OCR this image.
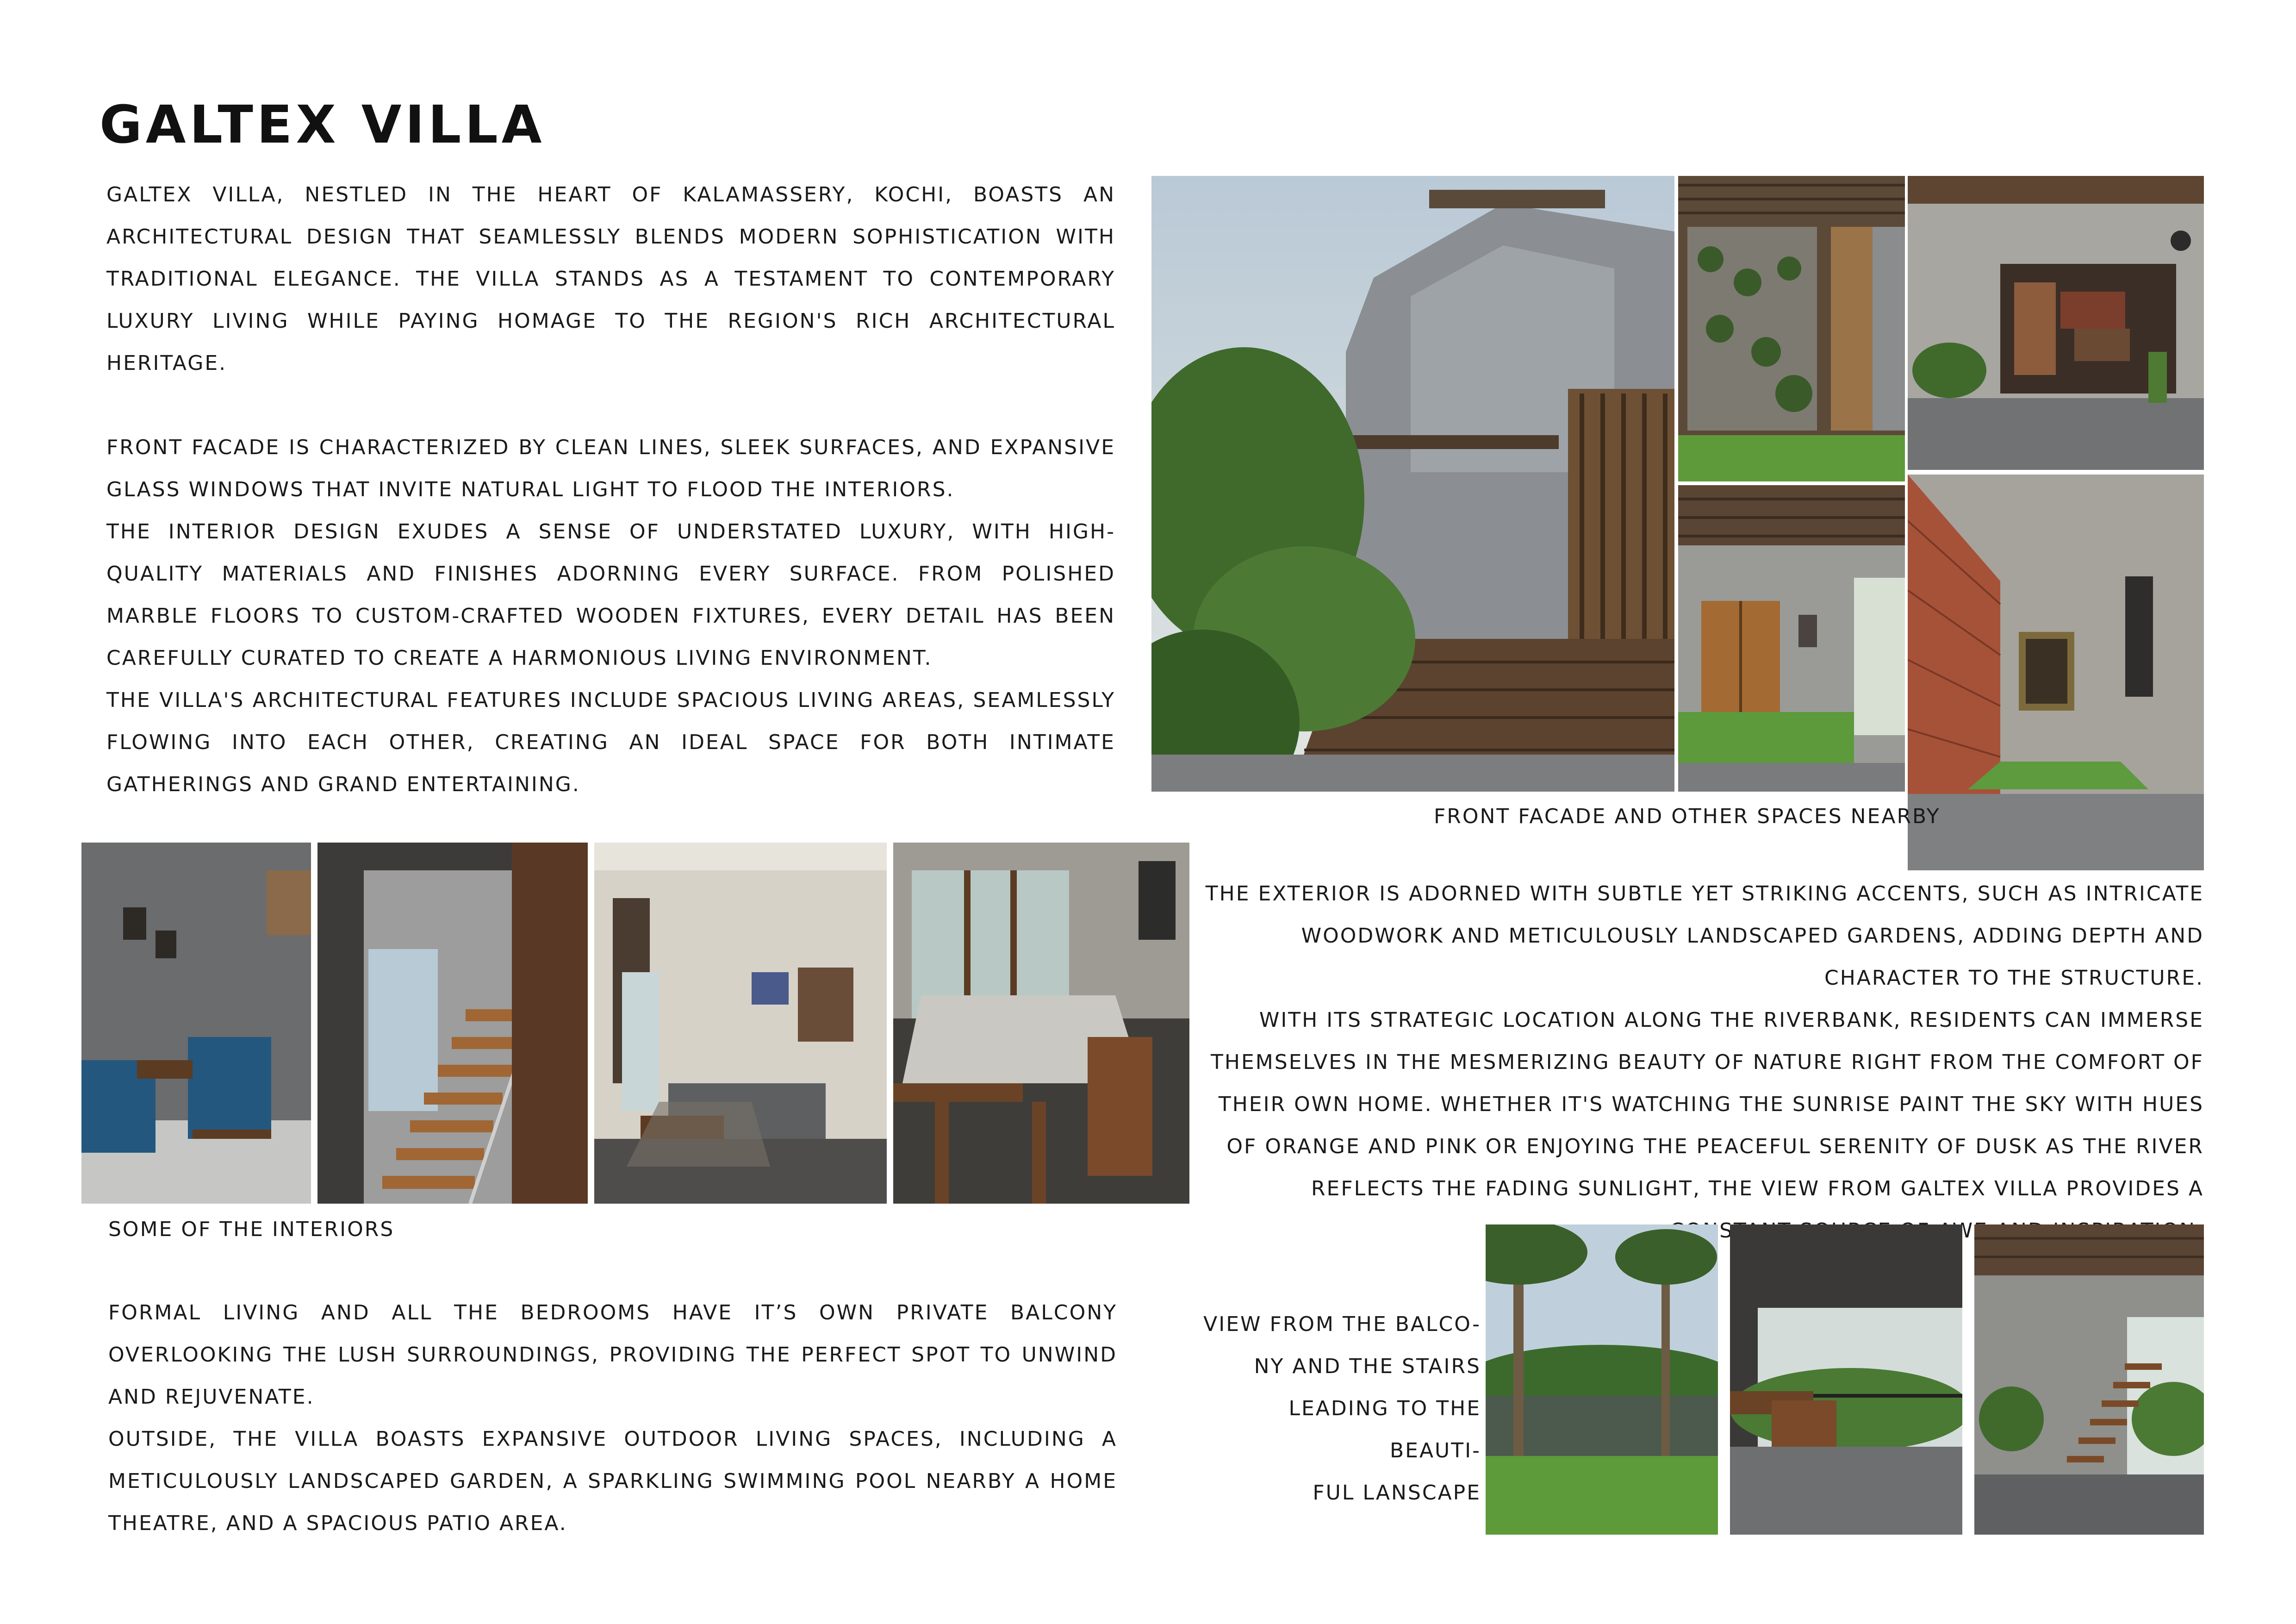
GALTEX VILLA

GALTEX VILLA, NESTLED IN THE HEART OF KALAMASSERY, KOCHI, BOASTS AN ARCHITECTURAL DESIGN THAT SEAMLESSLY BLENDS MODERN SOPHISTICATION WITH TRADITIONAL ELEGANCE. THE VILLA STANDS AS A TESTAMENT TO CONTEMPORARY LUXURY LIVING WHILE PAYING HOMAGE TO THE REGION'S RICH ARCHITECTURAL HERITAGE.

FRONT FACADE IS CHARACTERIZED BY CLEAN LINES, SLEEK SURFACES, AND EXPANSIVE GLASS WINDOWS THAT INVITE NATURAL LIGHT TO FLOOD THE INTERIORS.

THE INTERIOR DESIGN EXUDES A SENSE OF UNDERSTATED LUXURY, WITH HIGH-QUALITY MATERIALS AND FINISHES ADORNING EVERY SURFACE. FROM POLISHED MARBLE FLOORS TO CUSTOM-CRAFTED WOODEN FIXTURES, EVERY DETAIL HAS BEEN CAREFULLY CURATED TO CREATE A HARMONIOUS LIVING ENVIRONMENT.

THE VILLA'S ARCHITECTURAL FEATURES INCLUDE SPACIOUS LIVING AREAS, SEAMLESSLY FLOWING INTO EACH OTHER, CREATING AN IDEAL SPACE FOR BOTH INTIMATE GATHERINGS AND GRAND ENTERTAINING.

FRONT FACADE AND OTHER SPACES NEARBY

THE EXTERIOR IS ADORNED WITH SUBTLE YET STRIKING ACCENTS, SUCH AS INTRICATE WOODWORK AND METICULOUSLY LANDSCAPED GARDENS, ADDING DEPTH AND CHARACTER TO THE STRUCTURE.

WITH ITS STRATEGIC LOCATION ALONG THE RIVERBANK, RESIDENTS CAN IMMERSE THEMSELVES IN THE MESMERIZING BEAUTY OF NATURE RIGHT FROM THE COMFORT OF THEIR OWN HOME. WHETHER IT'S WATCHING THE SUNRISE PAINT THE SKY WITH HUES OF ORANGE AND PINK OR ENJOYING THE PEACEFUL SERENITY OF DUSK AS THE RIVER REFLECTS THE FADING SUNLIGHT, THE VIEW FROM GALTEX VILLA PROVIDES A AWE

SOME OF THE INTERIORS

FORMAL LIVING AND ALL THE BEDROOMS HAVE IT’S OWN PRIVATE BALCONY OVERLOOKING THE LUSH SURROUNDINGS, PROVIDING THE PERFECT SPOT TO UNWIND AND REJUVENATE.

OUTSIDE, THE VILLA BOASTS EXPANSIVE OUTDOOR LIVING SPACES, INCLUDING A METICULOUSLY LANDSCAPED GARDEN, A SPARKLING SWIMMING POOL NEARBY A HOME THEATRE, AND A SPACIOUS PATIO AREA.

VIEW FROM THE BALCO-
NY AND THE STAIRS
LEADING TO THE BEAUTI-
FUL LANSCAPE
